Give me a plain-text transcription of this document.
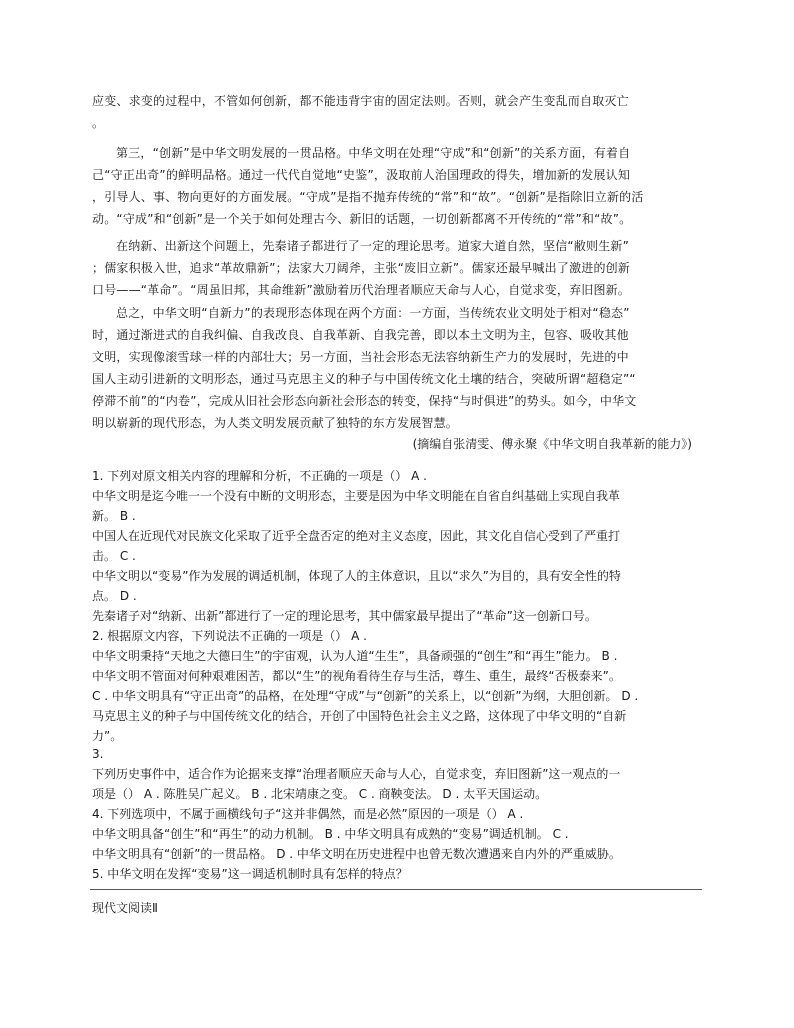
应变、求变的过程中，不管如何创新，都不能违背宇宙的固定法则。否则，就会产生变乱而自取灭亡
。
第三，“创新”是中华文明发展的一贯品格。中华文明在处理“守成”和“创新”的关系方面，有着自
己“守正出奇”的鲜明品格。通过一代代自觉地“史鉴”，汲取前人治国理政的得失，增加新的发展认知
，引导人、事、物向更好的方面发展。“守成”是指不抛弃传统的“常”和“故”。“创新”是指除旧立新的活
动。“守成”和“创新”是一个关于如何处理古今、新旧的话题，一切创新都离不开传统的“常”和“故”。
在纳新、出新这个问题上，先秦诸子都进行了一定的理论思考。道家大道自然，坚信“敝则生新”
；儒家积极入世，追求“革故鼎新”；法家大刀阔斧，主张“废旧立新”。儒家还最早喊出了激进的创新
口号——“革命”。“周虽旧邦，其命维新”激励着历代治理者顺应天命与人心，自觉求变，弃旧图新。
总之，中华文明“自新力”的表现形态体现在两个方面：一方面，当传统农业文明处于相对“稳态”
时，通过渐进式的自我纠偏、自我改良、自我革新、自我完善，即以本土文明为主，包容、吸收其他
文明，实现像滚雪球一样的内部壮大；另一方面，当社会形态无法容纳新生产力的发展时，先进的中
国人主动引进新的文明形态，通过马克思主义的种子与中国传统文化土壤的结合，突破所谓“超稳定”“
停滞不前”的“内卷”，完成从旧社会形态向新社会形态的转变，保持“与时俱进”的势头。如今，中华文
明以崭新的现代形态，为人类文明发展贡献了独特的东方发展智慧。
(摘编自张清雯、傅永聚《中华文明自我革新的能力》)
1. 下列对原文相关内容的理解和分析，不正确的一项是（） A .
中华文明是迄今唯一一个没有中断的文明形态，主要是因为中华文明能在自省自纠基础上实现自我革
新。 B .
中国人在近现代对民族文化采取了近乎全盘否定的绝对主义态度，因此，其文化自信心受到了严重打
击。 C .
中华文明以“变易”作为发展的调适机制，体现了人的主体意识，且以“求久”为目的，具有安全性的特
点。 D .
先秦诸子对“纳新、出新”都进行了一定的理论思考，其中儒家最早提出了“革命”这一创新口号。
2. 根据原文内容，下列说法不正确的一项是（） A .
中华文明秉持“天地之大德曰生”的宇宙观，认为人道“生生”，具备顽强的“创生”和“再生”能力。 B .
中华文明不管面对何种艰难困苦，都以“生”的视角看待生存与生活，尊生、重生，最终“否极泰来”。
C . 中华文明具有“守正出奇”的品格，在处理“守成”与“创新”的关系上，以“创新”为纲，大胆创新。 D .
马克思主义的种子与中国传统文化的结合，开创了中国特色社会主义之路，这体现了中华文明的“自新
力”。
3.
下列历史事件中，适合作为论据来支撑“治理者顺应天命与人心，自觉求变，弃旧图新”这一观点的一
项是（） A . 陈胜吴广起义。 B . 北宋靖康之变。 C . 商鞅变法。 D . 太平天国运动。
4. 下列选项中，不属于画横线句子“这并非偶然，而是必然”原因的一项是（） A .
中华文明具备“创生”和“再生”的动力机制。 B . 中华文明具有成熟的“变易”调适机制。 C .
中华文明具有“创新”的一贯品格。 D . 中华文明在历史进程中也曾无数次遭遇来自内外的严重威胁。
5. 中华文明在发挥“变易”这一调适机制时具有怎样的特点？
现代文阅读Ⅱ
